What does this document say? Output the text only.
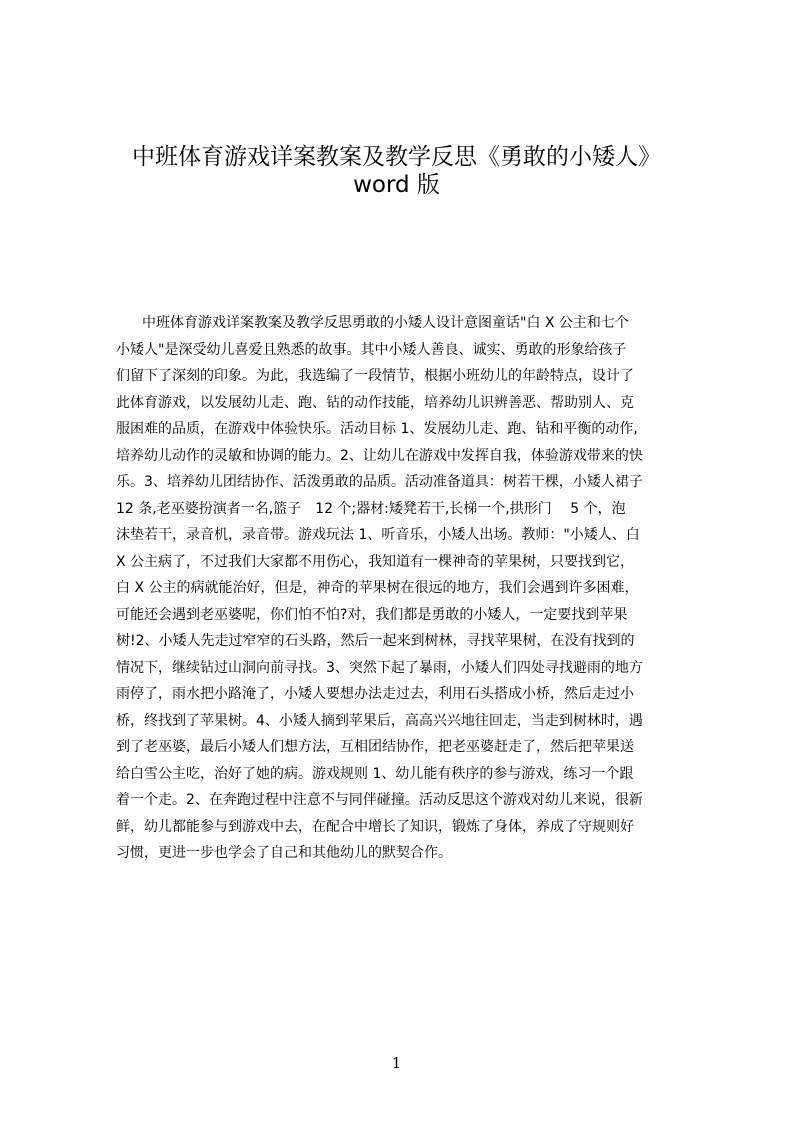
中班体育游戏详案教案及教学反思《勇敢的小矮人》
word 版
中班体育游戏详案教案及教学反思勇敢的小矮人设计意图童话"白 X 公主和七个
小矮人"是深受幼儿喜爱且熟悉的故事。其中小矮人善良、诚实、勇敢的形象给孩子
们留下了深刻的印象。为此，我选编了一段情节，根据小班幼儿的年龄特点，设计了
此体育游戏，以发展幼儿走、跑、钻的动作技能，培养幼儿识辨善恶、帮助别人、克
服困难的品质，在游戏中体验快乐。活动目标 1、发展幼儿走、跑、钻和平衡的动作,
培养幼儿动作的灵敏和协调的能力。2、让幼儿在游戏中发挥自我，体验游戏带来的快
乐。3、培养幼儿团结协作、活泼勇敢的品质。活动准备道具：树若干棵，小矮人裙子
12 条,老巫婆扮演者一名,篮子　12 个;器材:矮凳若干,长梯一个,拱形门　 5 个，泡
沫垫若干，录音机，录音带。游戏玩法 1、听音乐，小矮人出场。教师："小矮人、白
X 公主病了，不过我们大家都不用伤心，我知道有一棵神奇的苹果树，只要找到它，
白 X 公主的病就能治好，但是，神奇的苹果树在很远的地方，我们会遇到许多困难，
可能还会遇到老巫婆呢，你们怕不怕?对，我们都是勇敢的小矮人，一定要找到苹果
树!2、小矮人先走过窄窄的石头路，然后一起来到树林，寻找苹果树，在没有找到的
情况下，继续钻过山洞向前寻找。3、突然下起了暴雨，小矮人们四处寻找避雨的地方
雨停了，雨水把小路淹了，小矮人要想办法走过去，利用石头搭成小桥，然后走过小
桥，终找到了苹果树。4、小矮人摘到苹果后，高高兴兴地往回走，当走到树林时，遇
到了老巫婆，最后小矮人们想方法，互相团结协作，把老巫婆赶走了，然后把苹果送
给白雪公主吃，治好了她的病。游戏规则 1、幼儿能有秩序的参与游戏，练习一个跟
着一个走。2、在奔跑过程中注意不与同伴碰撞。活动反思这个游戏对幼儿来说，很新
鲜，幼儿都能参与到游戏中去，在配合中增长了知识，锻炼了身体，养成了守规则好
习惯，更进一步也学会了自己和其他幼儿的默契合作。
1
